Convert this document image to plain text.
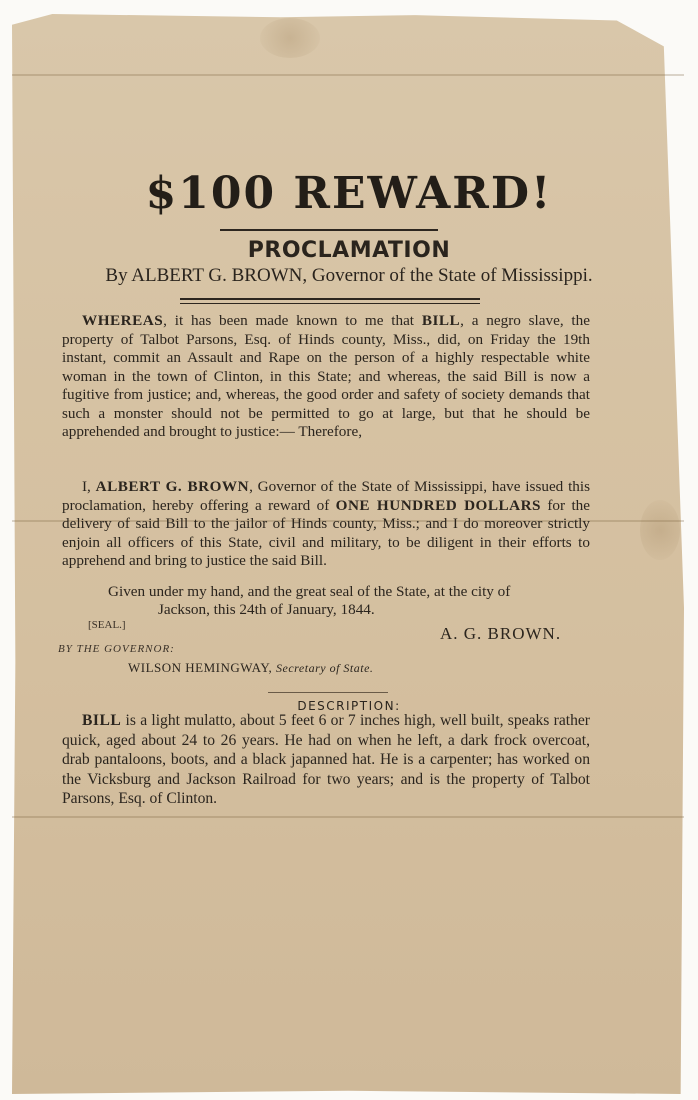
$100 REWARD!
PROCLAMATION
By ALBERT G. BROWN, Governor of the State of Mississippi.
WHEREAS, it has been made known to me that BILL, a negro slave, the property of Talbot Parsons, Esq. of Hinds county, Miss., did, on Friday the 19th instant, commit an Assault and Rape on the person of a highly respectable white woman in the town of Clinton, in this State; and whereas, the said Bill is now a fugitive from justice; and, whereas, the good order and safety of society demands that such a monster should not be permitted to go at large, but that he should be apprehended and brought to justice:— Therefore,
I, ALBERT G. BROWN, Governor of the State of Mississippi, have issued this proclamation, hereby offering a reward of ONE HUNDRED DOLLARS for the delivery of said Bill to the jailor of Hinds county, Miss.; and I do moreover strictly enjoin all officers of this State, civil and military, to be diligent in their efforts to apprehend and bring to justice the said Bill.
Given under my hand, and the great seal of the State, at the city of
Jackson, this 24th of January, 1844.
[SEAL.]	A. G. BROWN.
BY THE GOVERNOR:
WILSON HEMINGWAY, Secretary of State.
DESCRIPTION:
BILL is a light mulatto, about 5 feet 6 or 7 inches high, well built, speaks rather quick, aged about 24 to 26 years. He had on when he left, a dark frock overcoat, drab pantaloons, boots, and a black japanned hat. He is a carpenter; has worked on the Vicksburg and Jackson Railroad for two years; and is the property of Talbot Parsons, Esq. of Clinton.
